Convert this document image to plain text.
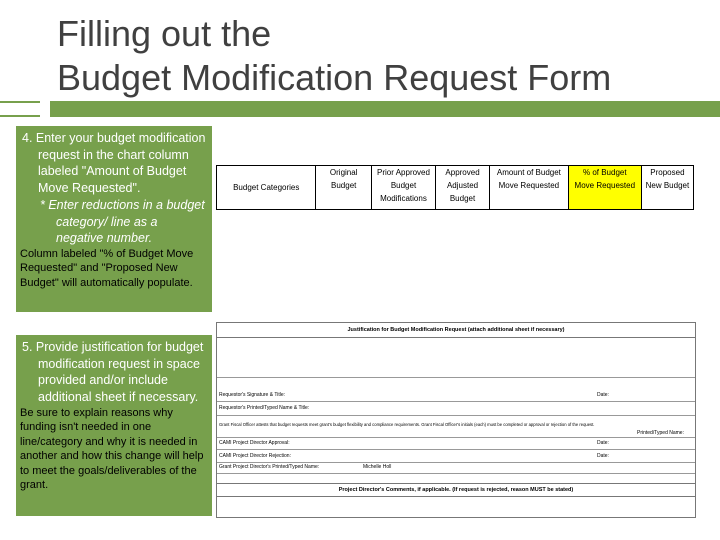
Filling out the
Budget Modification Request Form
4. Enter your budget modification request in the chart column labeled "Amount of Budget Move Requested".
* Enter reductions in a budget category/ line as a negative number.
Column labeled "% of Budget Move Requested" and "Proposed New Budget" will automatically populate.
5. Provide justification for budget modification request in space provided and/or include additional sheet if necessary.
Be sure to explain reasons why funding isn't needed in one line/category and why it is needed in another and how this change will help to meet the goals/deliverables of the grant.
Budget Categories	
Original
Budget

Prior Approved
Budget
Modifications

Approved
Adjusted
Budget

Amount of Budget
Move Requested

% of Budget
Move Requested

Proposed
New Budget
Justification for Budget Modification Request (attach additional sheet if necessary)
Requestor's Signature & Title:	Date:
Requestor's Printed/Typed Name & Title:
Grant Fiscal Officer attests that budget requests meet grant's budget flexibility and compliance requirements. Grant Fiscal Officer's initials (each) must be completed or approval or rejection of the request.
Printed/Typed Name:
CAMI Project Director Approval:	Date:
CAMI Project Director Rejection:	Date:
Grant Project Director's Printed/Typed Name:	Michelle Holl
Project Director's Comments, if applicable. (If request is rejected, reason MUST be stated)
